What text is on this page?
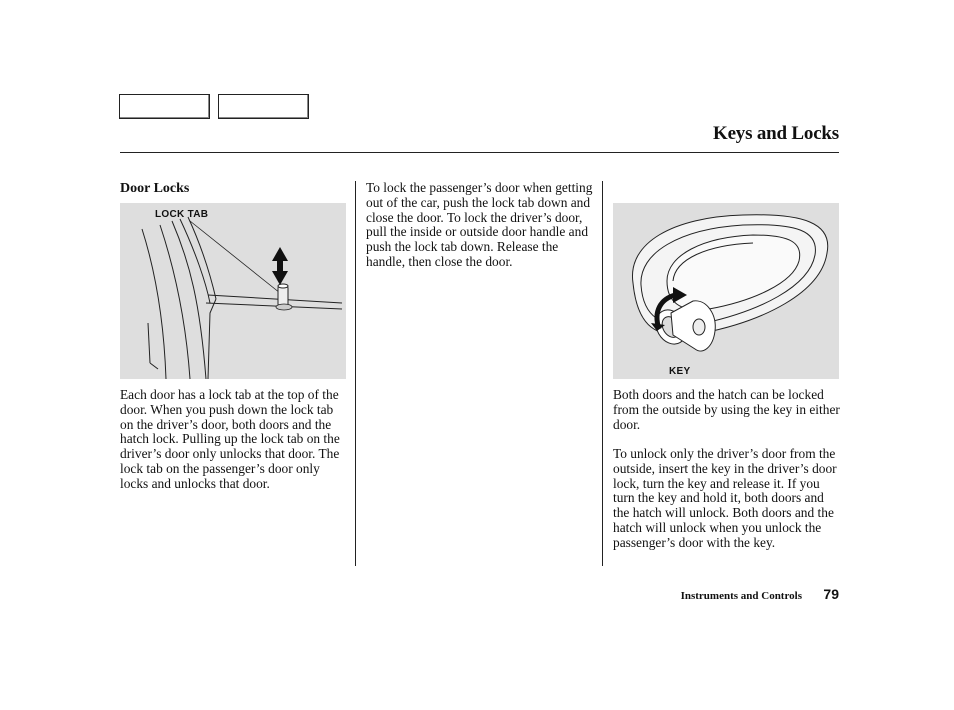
Keys and Locks
Door Locks
LOCK TAB
KEY

Each door has a lock tab at the top of the door. When you push down the lock tab on the driver’s door, both doors and the hatch lock. Pulling up the lock tab on the driver’s door only unlocks that door. The lock tab on the passenger’s door only locks and unlocks that door.

To lock the passenger’s door when getting out of the car, push the lock tab down and close the door. To lock the driver’s door, pull the inside or outside door handle and push the lock tab down. Release the handle, then close the door.

Both doors and the hatch can be locked from the outside by using the key in either door.

To unlock only the driver’s door from the outside, insert the key in the driver’s door lock, turn the key and release it. If you turn the key and hold it, both doors and the hatch will unlock. Both doors and the hatch will unlock when you unlock the passenger’s door with the key.

Instruments and Controls 79
